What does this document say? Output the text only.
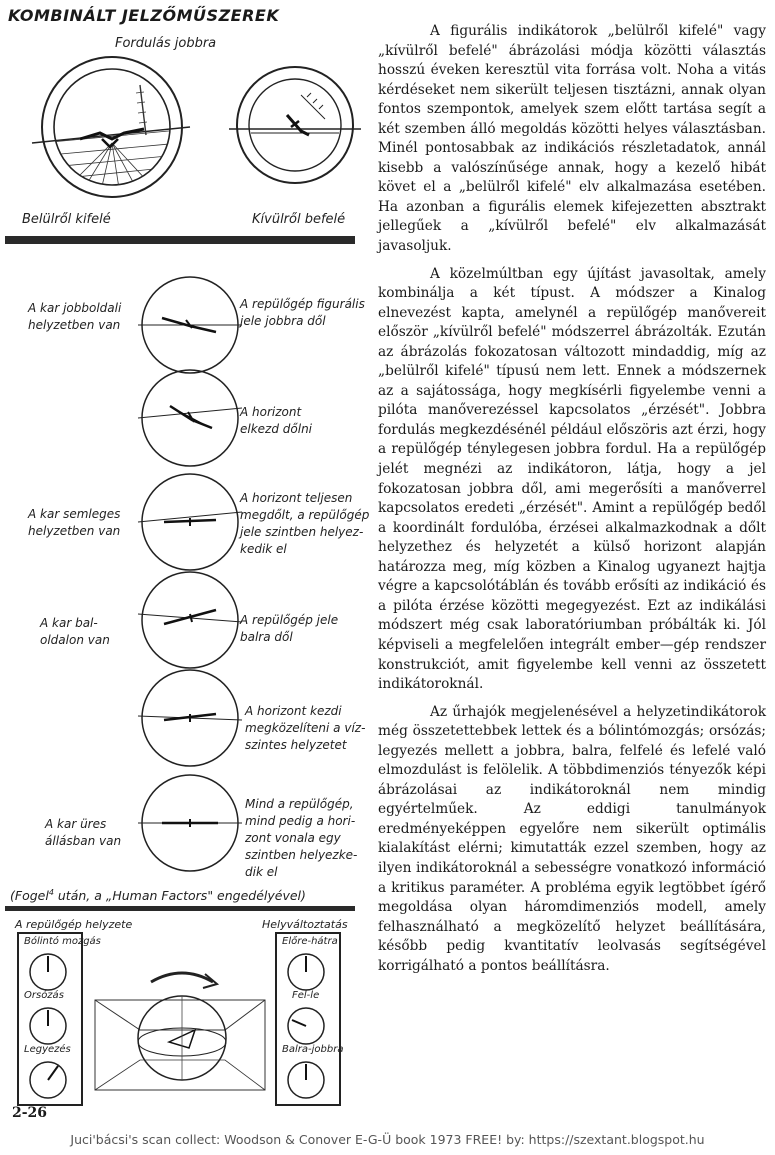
KOMBINÁLT JELZŐMŰSZEREK
Fordulás jobbra
Belülről kifelé	Kívülről befelé
A kar jobboldali
helyzetben van
A repülőgép figurális
jele jobbra dől
A horizont
elkezd dőlni
A kar semleges
helyzetben van
A horizont teljesen
megdőlt, a repülőgép
jele szintben helyez-
kedik el
A kar bal-
oldalon van
A repülőgép jele
balra dől
A horizont kezdi
megközelíteni a víz-
szintes helyzetet
A kar üres
állásban van
Mind a repülőgép,
mind pedig a hori-
zont vonala egy
szintben helyezke-
dik el
(Fogel$^4$ után, a „Human Factors" engedélyével)
A repülőgép helyzete	Helyváltoztatás
Bólintó mozgás
Orsózás
Legyezés
Előre-hátra
Fel-le
Balra-jobbra

A figurális indikátorok „belülről kifelé" vagy „kívülről befelé" ábrázolási módja közötti választás hosszú éveken keresztül vita forrása volt. Noha a vitás kérdéseket nem sikerült teljesen tisztázni, annak olyan fontos szempontok, amelyek szem előtt tartása segít a két szemben álló megoldás közötti helyes választásban. Minél pontosabbak az indikációs részletadatok, annál kisebb a valószínűsége annak, hogy a kezelő hibát követ el a „belülről kifelé" elv alkalmazása esetében. Ha azonban a figurális elemek kifejezetten absztrakt jellegűek a „kívülről befelé" elv alkalmazását javasoljuk.

A közelmúltban egy újítást javasoltak, amely kombinálja a két típust. A módszer a Kinalog elnevezést kapta, amelynél a repülőgép manővereit először „kívülről befelé" módszerrel ábrázolták. Ezután az ábrázolás fokozatosan változott mindaddig, míg az „belülről kifelé" típusú nem lett. Ennek a módszernek az a sajátossága, hogy megkísérli figyelembe venni a pilóta manőverezéssel kapcsolatos „érzését". Jobbra fordulás megkezdésénél például előszöris azt érzi, hogy a repülőgép ténylegesen jobbra fordul. Ha a repülőgép jelét megnézi az indikátoron, látja, hogy a jel fokozatosan jobbra dől, ami megerősíti a manőverrel kapcsolatos eredeti „érzését". Amint a repülőgép bedől a koordinált fordulóba, érzései alkalmazkodnak a dőlt helyzethez és helyzetét a külső horizont alapján határozza meg, míg közben a Kinalog ugyanezt hajtja végre a kapcsolótáblán és tovább erősíti az indikáció és a pilóta érzése közötti megegyezést. Ezt az indikálási módszert még csak laboratóriumban próbálták ki. Jól képviseli a megfelelően integrált ember—gép rendszer konstrukciót, amit figyelembe kell venni az összetett indikátoroknál.

Az űrhajók megjelenésével a helyzetindikátorok még összetettebbek lettek és a bólintómozgás; orsózás; legyezés mellett a jobbra, balra, felfelé és lefelé való elmozdulást is felölelik. A többdimenziós tényezők képi ábrázolásai az indikátoroknál nem mindig egyértelműek. Az eddigi tanulmányok eredményeképpen egyelőre nem sikerült optimális kialakítást elérni; kimutatták ezzel szemben, hogy az ilyen indikátoroknál a sebességre vonatkozó információ a kritikus paraméter. A probléma egyik legtöbbet ígérő megoldása olyan háromdimenziós modell, amely felhasználható a megközelítő helyzet beállítására, később pedig kvantitatív leolvasás segítségével korrigálható a pontos beállításra.

2-26
Juci'bácsi's scan collect: Woodson & Conover E-G-Ü book 1973 FREE! by: https://szextant.blogspot.hu
